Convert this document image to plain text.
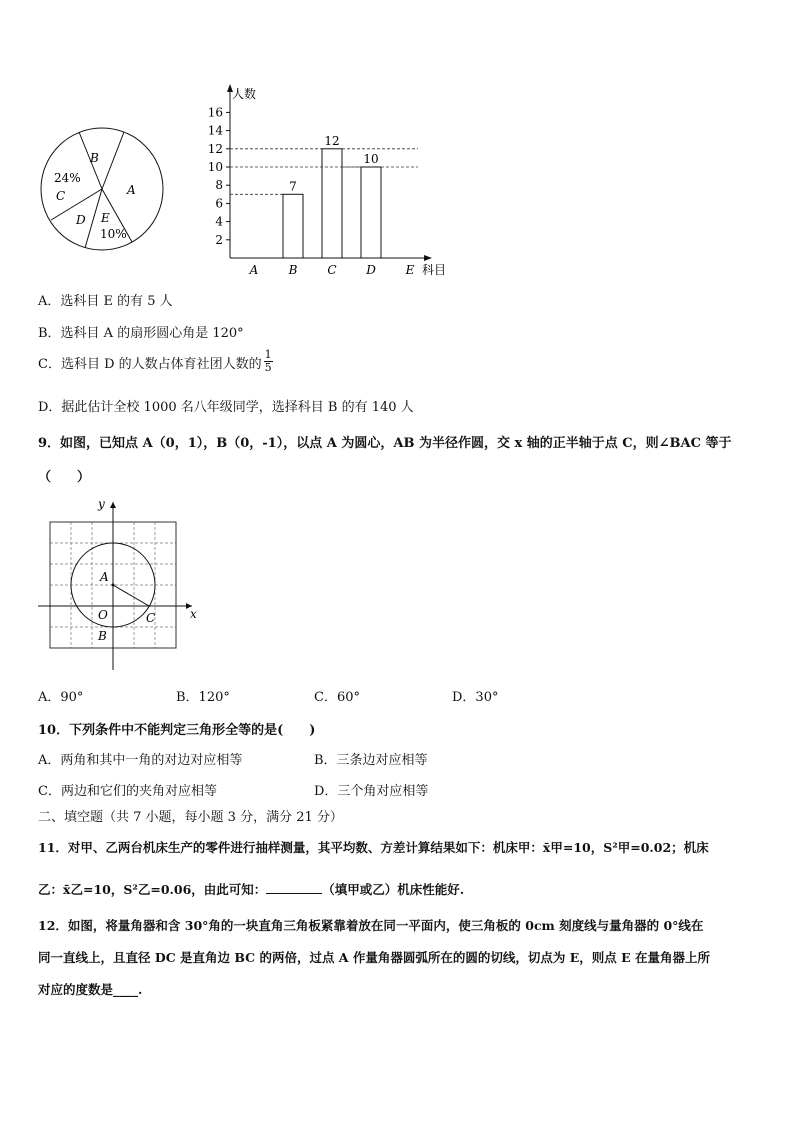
B
A
24%
C
D E
10%
人数
科目
2
4
6
8
10
12
14
16
A	B
7
C
12
D
10
E
A．选科目 E 的有 5 人
B．选科目 A 的扇形圆心角是 120°
C．选科目 D 的人数占体育社团人数的 $\frac{1}{5}$
D．据此估计全校 1000 名八年级同学，选择科目 B 的有 140 人
9．如图，已知点 A（0，1），B（0，-1），以点 A 为圆心，AB 为半径作圆，交 x 轴的正半轴于点 C，则∠BAC 等于
（　　）
y
x
A
O	C
B
A．90°	B．120°	C．60°	D．30°
10．下列条件中不能判定三角形全等的是(　　)
A．两角和其中一角的对边对应相等	B．三条边对应相等
C．两边和它们的夹角对应相等	D．三个角对应相等
二、填空题（共 7 小题，每小题 3 分，满分 21 分）
11．对甲、乙两台机床生产的零件进行抽样测量，其平均数、方差计算结果如下：机床甲：x̄甲=10，S²甲=0.02；机床
乙：x̄乙=10，S²乙=0.06，由此可知：	（填甲或乙）机床性能好.
12．如图，将量角器和含 30°角的一块直角三角板紧靠着放在同一平面内，使三角板的 0cm 刻度线与量角器的 0°线在
同一直线上，且直径 DC 是直角边 BC 的两倍，过点 A 作量角器圆弧所在的圆的切线，切点为 E，则点 E 在量角器上所
对应的度数是____.
